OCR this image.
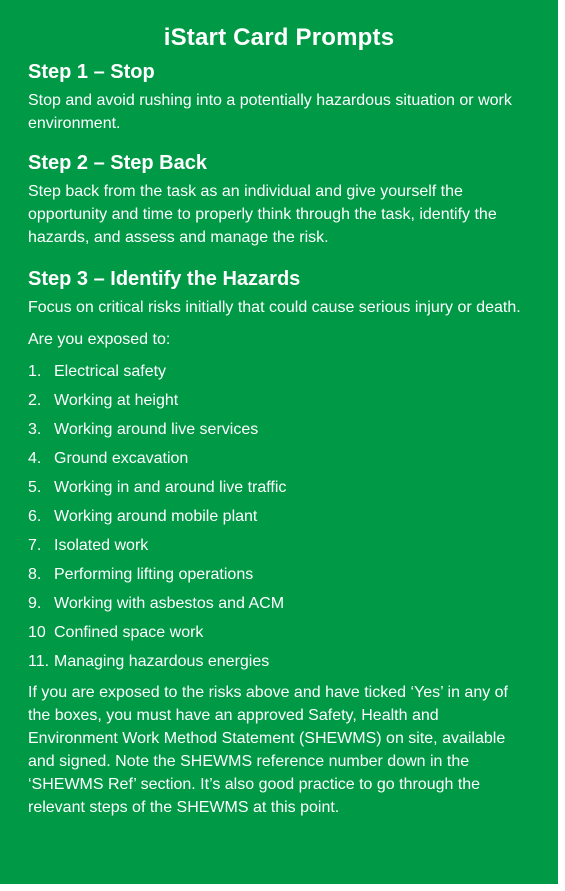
iStart Card Prompts
Step 1 – Stop

Stop and avoid rushing into a potentially hazardous situation or work environment.

Step 2 – Step Back

Step back from the task as an individual and give yourself the opportunity and time to properly think through the task, identify the hazards, and assess and manage the risk.

Step 3 – Identify the Hazards

Focus on critical risks initially that could cause serious injury or death.

Are you exposed to:

1. Electrical safety
2. Working at height
3. Working around live services
4. Ground excavation
5. Working in and around live traffic
6. Working around mobile plant
7. Isolated work
8. Performing lifting operations
9. Working with asbestos and ACM
10 Confined space work
11. Managing hazardous energies

If you are exposed to the risks above and have ticked ‘Yes’ in any of the boxes, you must have an approved Safety, Health and Environment Work Method Statement (SHEWMS) on site, available and signed. Note the SHEWMS reference number down in the ‘SHEWMS Ref’ section. It’s also good practice to go through the relevant steps of the SHEWMS at this point.
